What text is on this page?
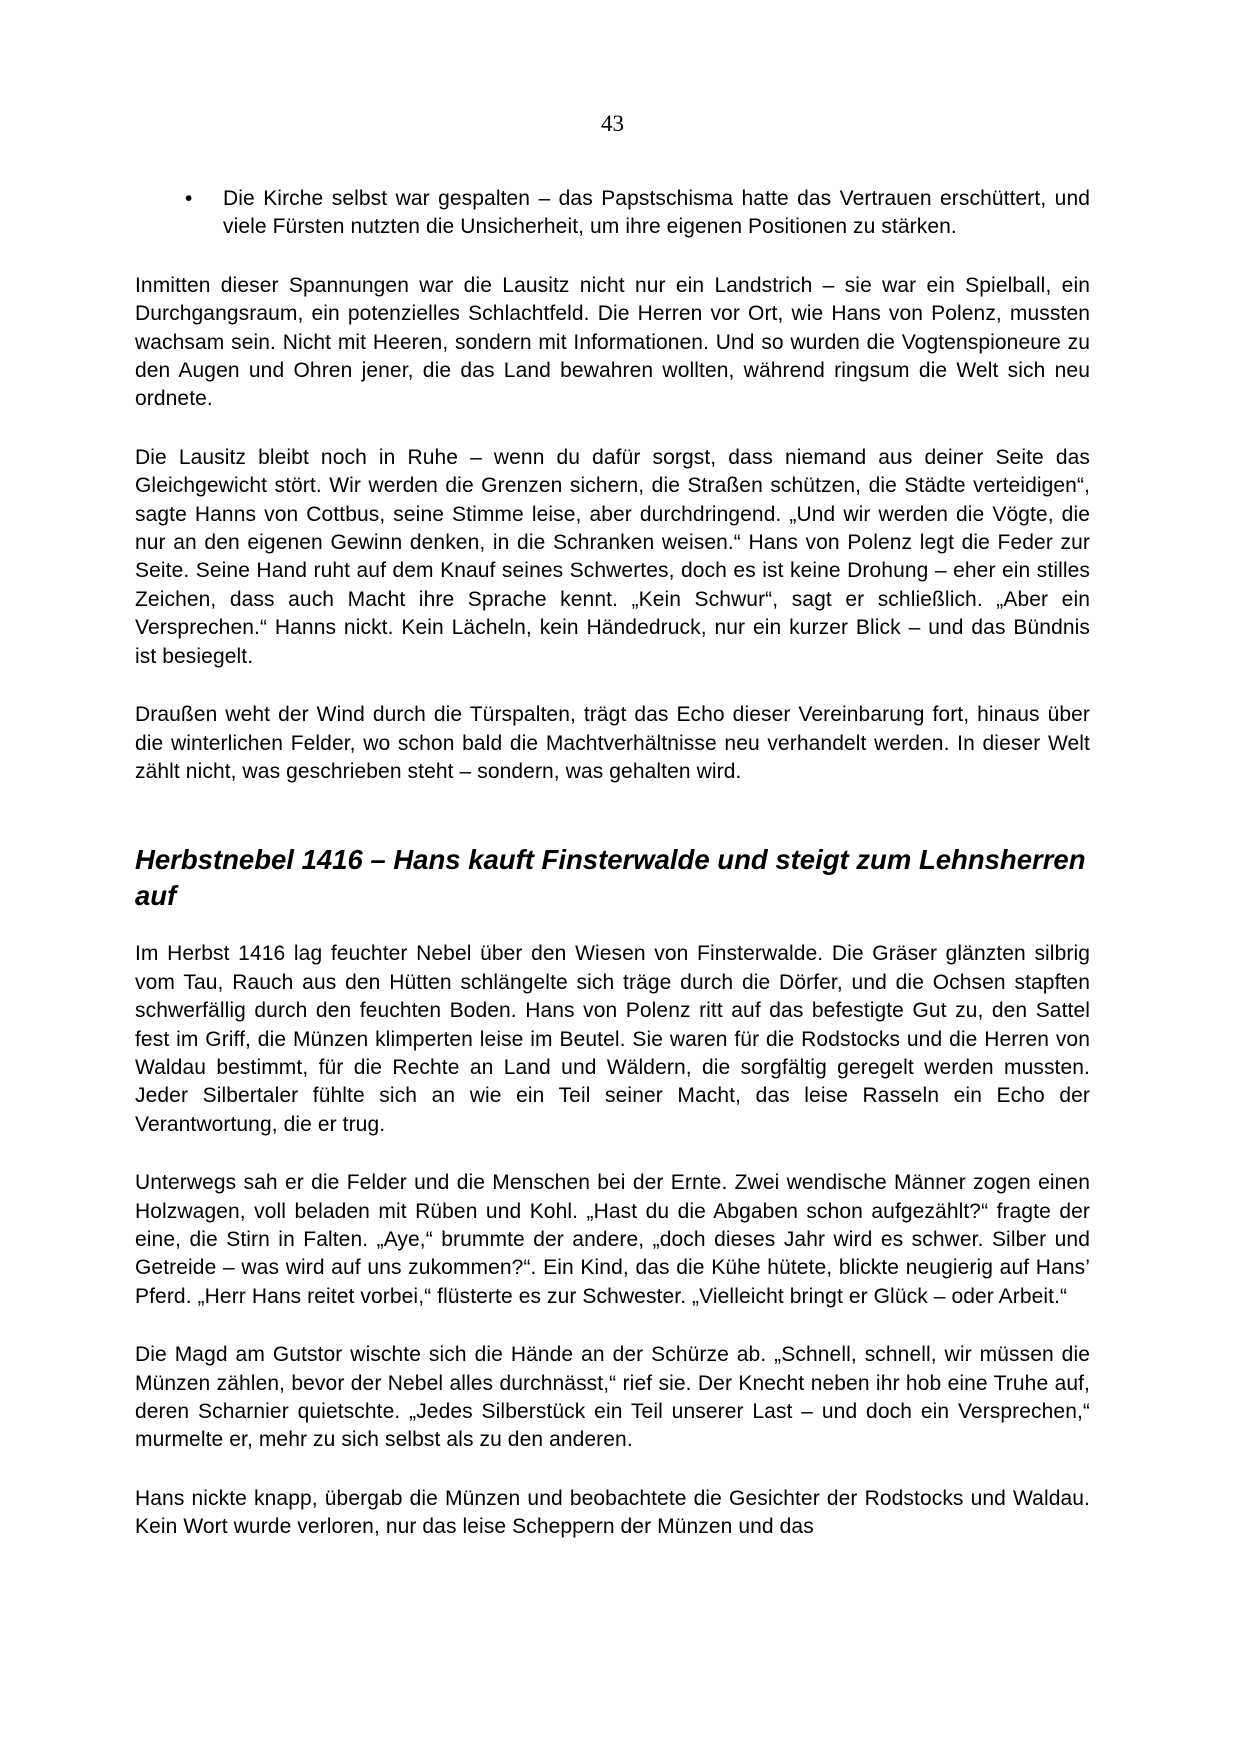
43
•	Die Kirche selbst war gespalten – das Papstschisma hatte das Vertrauen erschüttert, und viele Fürsten nutzten die Unsicherheit, um ihre eigenen Positionen zu stärken.

Inmitten dieser Spannungen war die Lausitz nicht nur ein Landstrich – sie war ein Spielball, ein Durchgangsraum, ein potenzielles Schlachtfeld. Die Herren vor Ort, wie Hans von Polenz, mussten wachsam sein. Nicht mit Heeren, sondern mit Informationen. Und so wurden die Vogtenspioneure zu den Augen und Ohren jener, die das Land bewahren wollten, während ringsum die Welt sich neu ordnete.

Die Lausitz bleibt noch in Ruhe – wenn du dafür sorgst, dass niemand aus deiner Seite das Gleichgewicht stört. Wir werden die Grenzen sichern, die Straßen schützen, die Städte verteidigen“, sagte Hanns von Cottbus, seine Stimme leise, aber durchdringend. „Und wir werden die Vögte, die nur an den eigenen Gewinn denken, in die Schranken weisen.“ Hans von Polenz legt die Feder zur Seite. Seine Hand ruht auf dem Knauf seines Schwertes, doch es ist keine Drohung – eher ein stilles Zeichen, dass auch Macht ihre Sprache kennt. „Kein Schwur“, sagt er schließlich. „Aber ein Versprechen.“ Hanns nickt. Kein Lächeln, kein Händedruck, nur ein kurzer Blick – und das Bündnis ist besiegelt.

Draußen weht der Wind durch die Türspalten, trägt das Echo dieser Vereinbarung fort, hinaus über die winterlichen Felder, wo schon bald die Machtverhältnisse neu verhandelt werden. In dieser Welt zählt nicht, was geschrieben steht – sondern, was gehalten wird.

Herbstnebel 1416 – Hans kauft Finsterwalde und steigt zum Lehnsherren auf

Im Herbst 1416 lag feuchter Nebel über den Wiesen von Finsterwalde. Die Gräser glänzten silbrig vom Tau, Rauch aus den Hütten schlängelte sich träge durch die Dörfer, und die Ochsen stapften schwerfällig durch den feuchten Boden. Hans von Polenz ritt auf das befestigte Gut zu, den Sattel fest im Griff, die Münzen klimperten leise im Beutel. Sie waren für die Rodstocks und die Herren von Waldau bestimmt, für die Rechte an Land und Wäldern, die sorgfältig geregelt werden mussten. Jeder Silbertaler fühlte sich an wie ein Teil seiner Macht, das leise Rasseln ein Echo der Verantwortung, die er trug.

Unterwegs sah er die Felder und die Menschen bei der Ernte. Zwei wendische Männer zogen einen Holzwagen, voll beladen mit Rüben und Kohl. „Hast du die Abgaben schon aufgezählt?“ fragte der eine, die Stirn in Falten. „Aye,“ brummte der andere, „doch dieses Jahr wird es schwer. Silber und Getreide – was wird auf uns zukommen?“. Ein Kind, das die Kühe hütete, blickte neugierig auf Hans’ Pferd. „Herr Hans reitet vorbei,“ flüsterte es zur Schwester. „Vielleicht bringt er Glück – oder Arbeit.“

Die Magd am Gutstor wischte sich die Hände an der Schürze ab. „Schnell, schnell, wir müssen die Münzen zählen, bevor der Nebel alles durchnässt,“ rief sie. Der Knecht neben ihr hob eine Truhe auf, deren Scharnier quietschte. „Jedes Silberstück ein Teil unserer Last – und doch ein Versprechen,“ murmelte er, mehr zu sich selbst als zu den anderen.

Hans nickte knapp, übergab die Münzen und beobachtete die Gesichter der Rodstocks und Waldau. Kein Wort wurde verloren, nur das leise Scheppern der Münzen und das
